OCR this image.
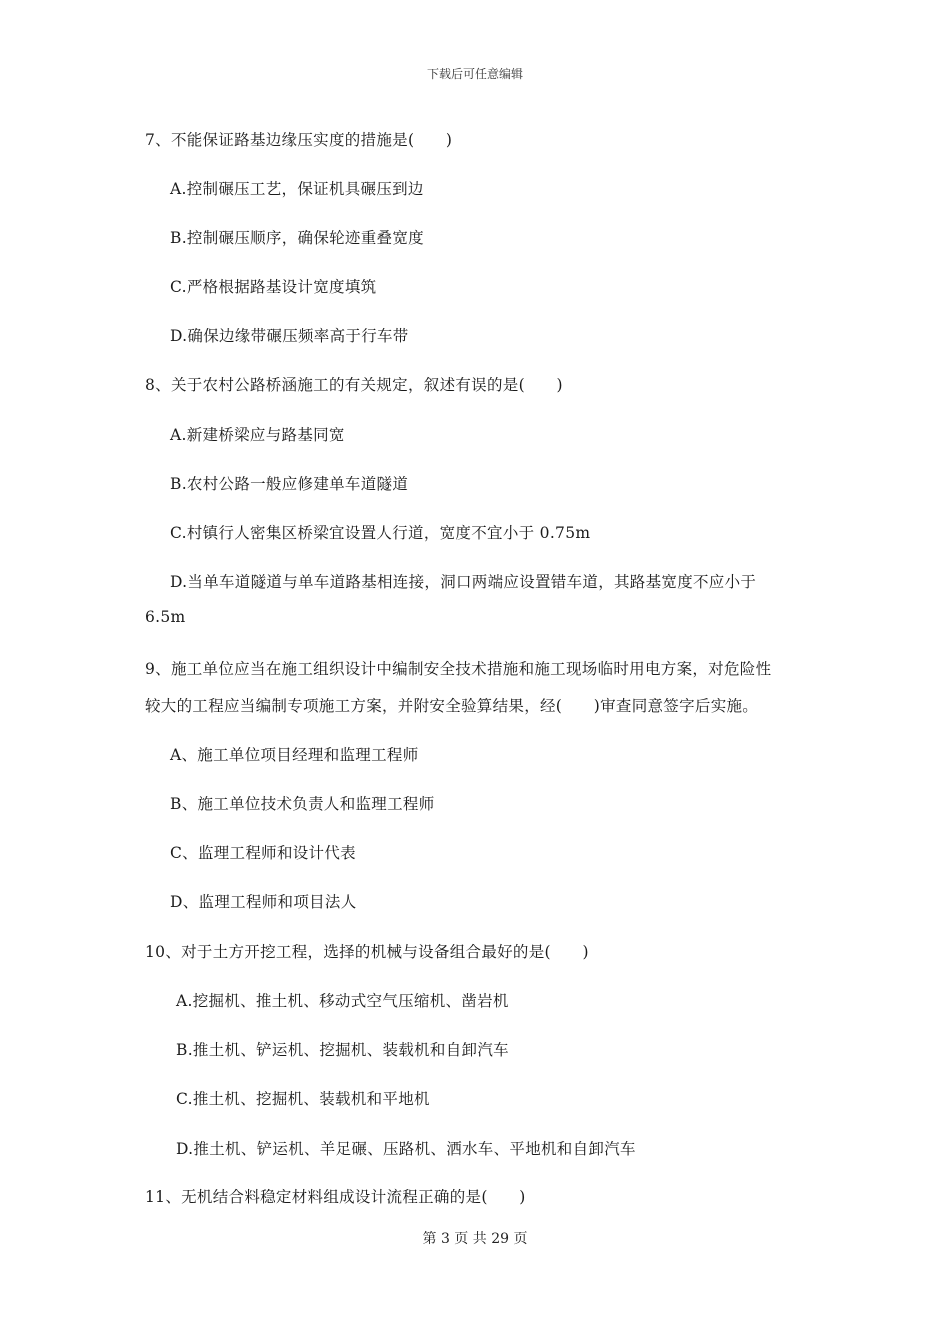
下载后可任意编辑
7、不能保证路基边缘压实度的措施是(　　)
A.控制碾压工艺，保证机具碾压到边
B.控制碾压顺序，确保轮迹重叠宽度
C.严格根据路基设计宽度填筑
D.确保边缘带碾压频率高于行车带
8、关于农村公路桥涵施工的有关规定，叙述有误的是(　　)
A.新建桥梁应与路基同宽
B.农村公路一般应修建单车道隧道
C.村镇行人密集区桥梁宜设置人行道，宽度不宜小于 0.75m
D.当单车道隧道与单车道路基相连接，洞口两端应设置错车道，其路基宽度不应小于
6.5m
9、施工单位应当在施工组织设计中编制安全技术措施和施工现场临时用电方案，对危险性
较大的工程应当编制专项施工方案，并附安全验算结果，经(　　)审查同意签字后实施。
A、施工单位项目经理和监理工程师
B、施工单位技术负责人和监理工程师
C、监理工程师和设计代表
D、监理工程师和项目法人
10、对于土方开挖工程，选择的机械与设备组合最好的是(　　)
A.挖掘机、推土机、移动式空气压缩机、凿岩机
B.推土机、铲运机、挖掘机、装载机和自卸汽车
C.推土机、挖掘机、装载机和平地机
D.推土机、铲运机、羊足碾、压路机、洒水车、平地机和自卸汽车
11、无机结合料稳定材料组成设计流程正确的是(　　)
第 3 页 共 29 页
